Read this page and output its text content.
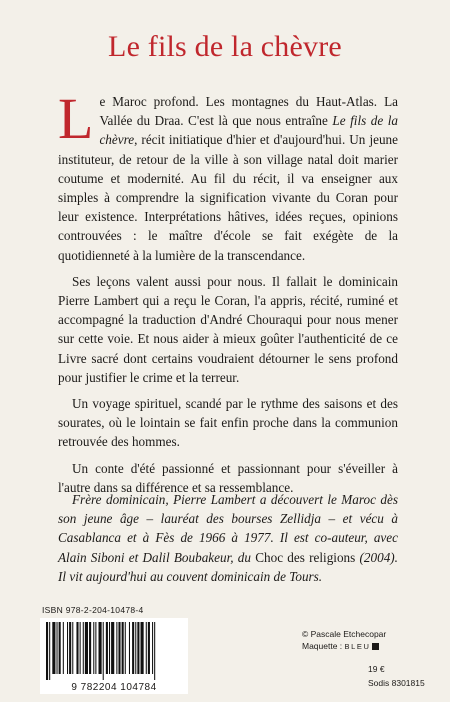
Le fils de la chèvre

Le Maroc profond. Les montagnes du Haut-Atlas. La Vallée du Draa. C'est là que nous entraîne Le fils de la chèvre, récit initiatique d'hier et d'aujourd'hui. Un jeune instituteur, de retour de la ville à son village natal doit marier coutume et modernité. Au fil du récit, il va enseigner aux simples à comprendre la signification vivante du Coran pour leur existence. Interprétations hâtives, idées reçues, opinions controuvées : le maître d'école se fait exégète de la quotidienneté à la lumière de la transcendance.

Ses leçons valent aussi pour nous. Il fallait le dominicain Pierre Lambert qui a reçu le Coran, l'a appris, récité, ruminé et accompagné la traduction d'André Chouraqui pour nous mener sur cette voie. Et nous aider à mieux goûter l'authenticité de ce Livre sacré dont certains voudraient détourner le sens profond pour justifier le crime et la terreur.

Un voyage spirituel, scandé par le rythme des saisons et des sourates, où le lointain se fait enfin proche dans la communion retrouvée des hommes.

Un conte d'été passionné et passionnant pour s'éveiller à l'autre dans sa différence et sa ressemblance.

Frère dominicain, Pierre Lambert a découvert le Maroc dès son jeune âge – lauréat des bourses Zellidja – et vécu à Casablanca et à Fès de 1966 à 1977. Il est co-auteur, avec Alain Siboni et Dalil Boubakeur, du Choc des religions (2004). Il vit aujourd'hui au couvent dominicain de Tours.

ISBN 978-2-204-10478-4
9 782204 104784
© Pascale Etchecopar
Maquette : BLEU
19 €
Sodis 8301815
